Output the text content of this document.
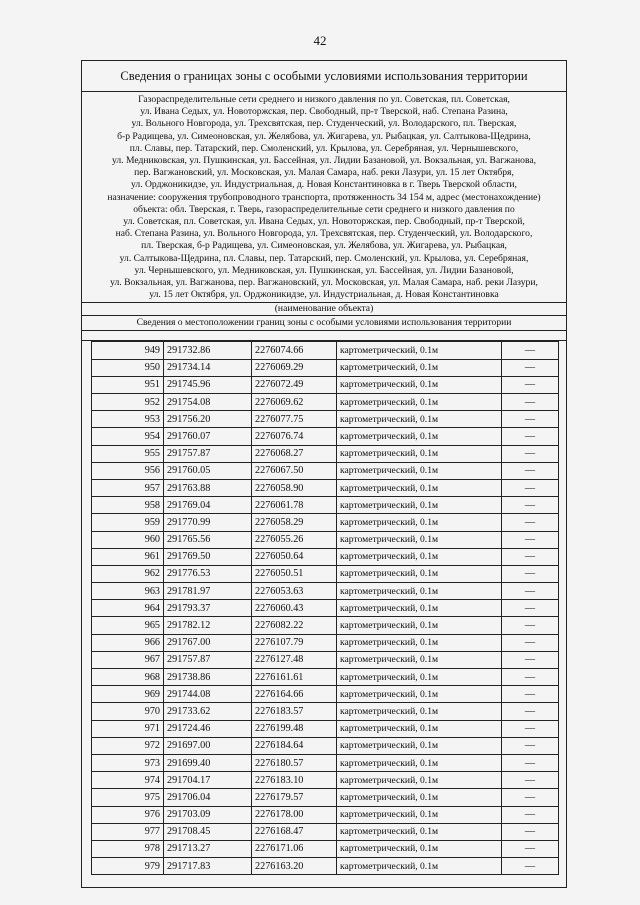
42
Сведения о границах зоны с особыми условиями использования территории
Газораспределительные сети среднего и низкого давления по ул. Советская, пл. Советская,
ул. Ивана Седых, ул. Новоторжская, пер. Свободный, пр-т Тверской, наб. Степана Разина,
ул. Вольного Новгорода, ул. Трехсвятская, пер. Студенческий, ул. Володарского, пл. Тверская,
б-р Радищева, ул. Симеоновская, ул. Желябова, ул. Жигарева, ул. Рыбацкая, ул. Салтыкова-Щедрина,
пл. Славы, пер. Татарский, пер. Смоленский, ул. Крылова, ул. Серебряная, ул. Чернышевского,
ул. Медниковская, ул. Пушкинская, ул. Бассейная, ул. Лидии Базановой, ул. Вокзальная, ул. Вагжанова,
пер. Вагжановский, ул. Московская, ул. Малая Самара, наб. реки Лазури, ул. 15 лет Октября,
ул. Орджоникидзе, ул. Индустриальная, д. Новая Константиновка в г. Тверь Тверской области,
назначение: сооружения трубопроводного транспорта, протяженность 34 154 м, адрес (местонахождение)
объекта: обл. Тверская, г. Тверь, газораспределительные сети среднего и низкого давления по
ул. Советская, пл. Советская, ул. Ивана Седых, ул. Новоторжская, пер. Свободный, пр-т Тверской,
наб. Степана Разина, ул. Вольного Новгорода, ул. Трехсвятская, пер. Студенческий, ул. Володарского,
пл. Тверская, б-р Радищева, ул. Симеоновская, ул. Желябова, ул. Жигарева, ул. Рыбацкая,
ул. Салтыкова-Щедрина, пл. Славы, пер. Татарский, пер. Смоленский, ул. Крылова, ул. Серебряная,
ул. Чернышевского, ул. Медниковская, ул. Пушкинская, ул. Бассейная, ул. Лидии Базановой,
ул. Вокзальная, ул. Вагжанова, пер. Вагжановский, ул. Московская, ул. Малая Самара, наб. реки Лазури,
ул. 15 лет Октября, ул. Орджоникидзе, ул. Индустриальная, д. Новая Константиновка
(наименование объекта)
Сведения о местоположении границ зоны с особыми условиями использования территории
949	291732.86	2276074.66	картометрический, 0.1м	—
950	291734.14	2276069.29	картометрический, 0.1м	—
951	291745.96	2276072.49	картометрический, 0.1м	—
952	291754.08	2276069.62	картометрический, 0.1м	—
953	291756.20	2276077.75	картометрический, 0.1м	—
954	291760.07	2276076.74	картометрический, 0.1м	—
955	291757.87	2276068.27	картометрический, 0.1м	—
956	291760.05	2276067.50	картометрический, 0.1м	—
957	291763.88	2276058.90	картометрический, 0.1м	—
958	291769.04	2276061.78	картометрический, 0.1м	—
959	291770.99	2276058.29	картометрический, 0.1м	—
960	291765.56	2276055.26	картометрический, 0.1м	—
961	291769.50	2276050.64	картометрический, 0.1м	—
962	291776.53	2276050.51	картометрический, 0.1м	—
963	291781.97	2276053.63	картометрический, 0.1м	—
964	291793.37	2276060.43	картометрический, 0.1м	—
965	291782.12	2276082.22	картометрический, 0.1м	—
966	291767.00	2276107.79	картометрический, 0.1м	—
967	291757.87	2276127.48	картометрический, 0.1м	—
968	291738.86	2276161.61	картометрический, 0.1м	—
969	291744.08	2276164.66	картометрический, 0.1м	—
970	291733.62	2276183.57	картометрический, 0.1м	—
971	291724.46	2276199.48	картометрический, 0.1м	—
972	291697.00	2276184.64	картометрический, 0.1м	—
973	291699.40	2276180.57	картометрический, 0.1м	—
974	291704.17	2276183.10	картометрический, 0.1м	—
975	291706.04	2276179.57	картометрический, 0.1м	—
976	291703.09	2276178.00	картометрический, 0.1м	—
977	291708.45	2276168.47	картометрический, 0.1м	—
978	291713.27	2276171.06	картометрический, 0.1м	—
979	291717.83	2276163.20	картометрический, 0.1м	—
